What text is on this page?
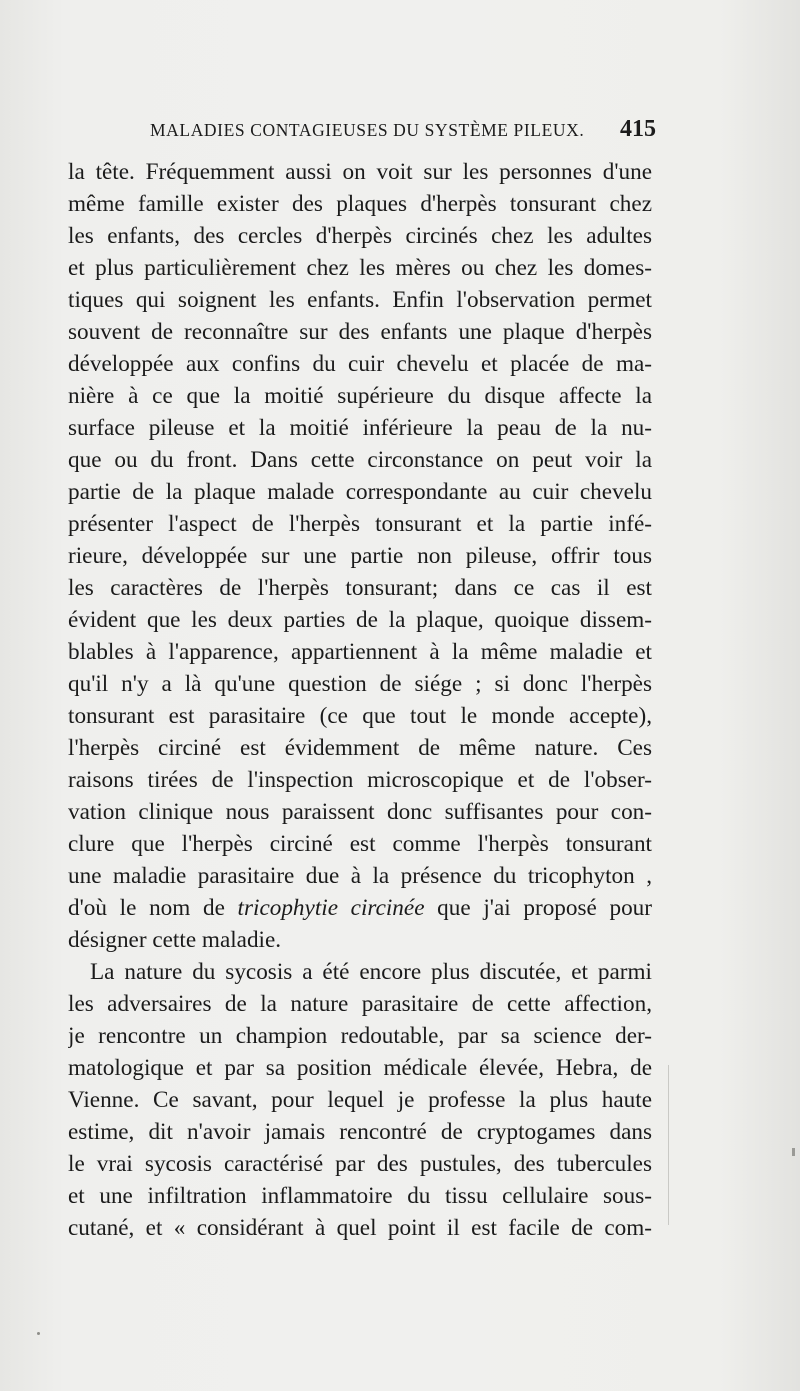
MALADIES CONTAGIEUSES DU SYSTÈME PILEUX. 415
la tête. Fréquemment aussi on voit sur les personnes d'une
même famille exister des plaques d'herpès tonsurant chez
les enfants, des cercles d'herpès circinés chez les adultes
et plus particulièrement chez les mères ou chez les domes-
tiques qui soignent les enfants. Enfin l'observation permet
souvent de reconnaître sur des enfants une plaque d'herpès
développée aux confins du cuir chevelu et placée de ma-
nière à ce que la moitié supérieure du disque affecte la
surface pileuse et la moitié inférieure la peau de la nu-
que ou du front. Dans cette circonstance on peut voir la
partie de la plaque malade correspondante au cuir chevelu
présenter l'aspect de l'herpès tonsurant et la partie infé-
rieure, développée sur une partie non pileuse, offrir tous
les caractères de l'herpès tonsurant; dans ce cas il est
évident que les deux parties de la plaque, quoique dissem-
blables à l'apparence, appartiennent à la même maladie et
qu'il n'y a là qu'une question de siége ; si donc l'herpès
tonsurant est parasitaire (ce que tout le monde accepte),
l'herpès circiné est évidemment de même nature. Ces
raisons tirées de l'inspection microscopique et de l'obser-
vation clinique nous paraissent donc suffisantes pour con-
clure que l'herpès circiné est comme l'herpès tonsurant
une maladie parasitaire due à la présence du tricophyton ,
d'où le nom de tricophytie circinée que j'ai proposé pour
désigner cette maladie.
La nature du sycosis a été encore plus discutée, et parmi
les adversaires de la nature parasitaire de cette affection,
je rencontre un champion redoutable, par sa science der-
matologique et par sa position médicale élevée, Hebra, de
Vienne. Ce savant, pour lequel je professe la plus haute
estime, dit n'avoir jamais rencontré de cryptogames dans
le vrai sycosis caractérisé par des pustules, des tubercules
et une infiltration inflammatoire du tissu cellulaire sous-
cutané, et « considérant à quel point il est facile de com-
